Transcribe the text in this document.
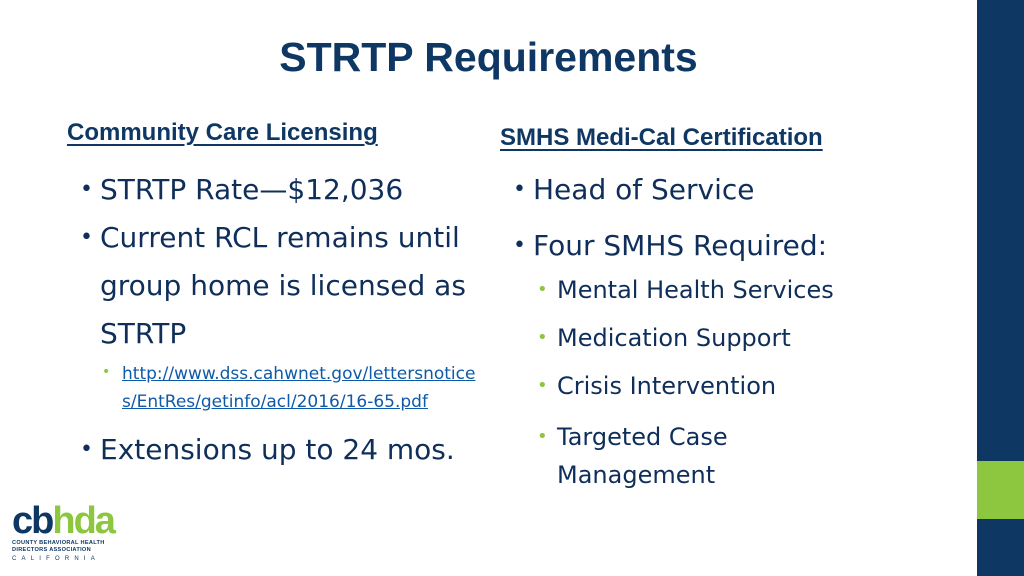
STRTP Requirements
Community Care Licensing	SMHS Medi-Cal Certification
• STRTP Rate—$12,036
• Current RCL remains until group home is licensed as STRTP
• http://www.dss.cahwnet.gov/lettersnotices/EntRes/getinfo/acl/2016/16-65.pdf
• Extensions up to 24 mos.
• Head of Service
• Four SMHS Required:
• Mental Health Services
• Medication Support
• Crisis Intervention
• Targeted Case Management
cbhda
COUNTY BEHAVIORAL HEALTH
DIRECTORS ASSOCIATION
CALIFORNIA
